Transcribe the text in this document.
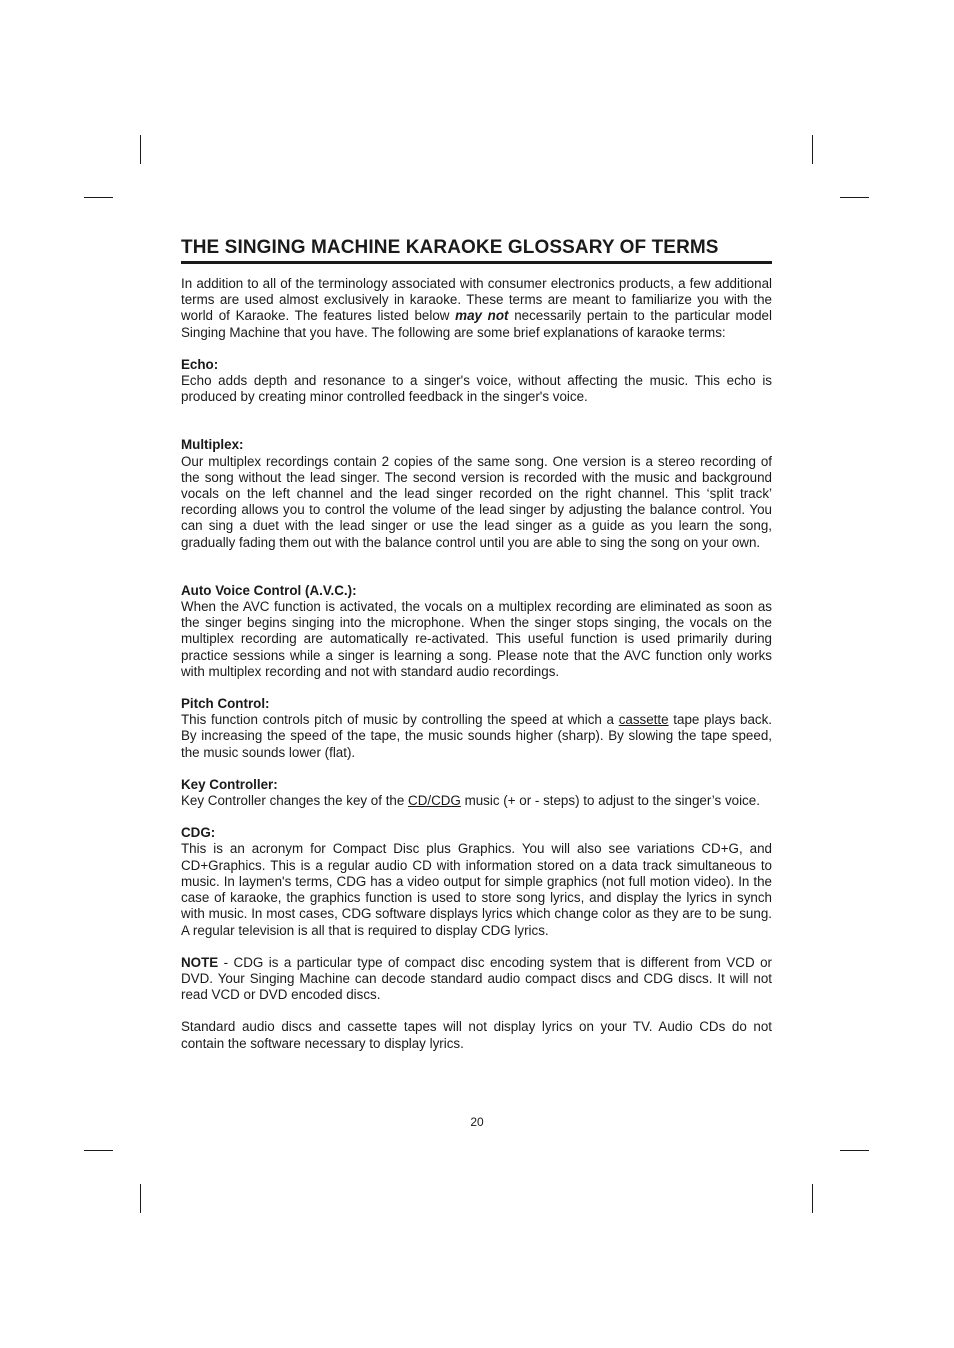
THE SINGING MACHINE KARAOKE GLOSSARY OF TERMS

In addition to all of the terminology associated with consumer electronics products, a few additional terms are used almost exclusively in karaoke. These terms are meant to familiarize you with the world of Karaoke. The features listed below may not necessarily pertain to the particular model Singing Machine that you have. The following are some brief explanations of karaoke terms:

Echo:

Echo adds depth and resonance to a singer's voice, without affecting the music. This echo is produced by creating minor controlled feedback in the singer's voice.

Multiplex:

Our multiplex recordings contain 2 copies of the same song. One version is a stereo recording of the song without the lead singer. The second version is recorded with the music and background vocals on the left channel and the lead singer recorded on the right channel. This ‘split track’ recording allows you to control the volume of the lead singer by adjusting the balance control. You can sing a duet with the lead singer or use the lead singer as a guide as you learn the song, gradually fading them out with the balance control until you are able to sing the song on your own.

Auto Voice Control (A.V.C.):

When the AVC function is activated, the vocals on a multiplex recording are eliminated as soon as the singer begins singing into the microphone. When the singer stops singing, the vocals on the multiplex recording are automatically re-activated. This useful function is used primarily during practice sessions while a singer is learning a song. Please note that the AVC function only works with multiplex recording and not with standard audio recordings.

Pitch Control:

This function controls pitch of music by controlling the speed at which a cassette tape plays back. By increasing the speed of the tape, the music sounds higher (sharp). By slowing the tape speed, the music sounds lower (flat).

Key Controller:

Key Controller changes the key of the CD/CDG music (+ or - steps) to adjust to the singer’s voice.

CDG:

This is an acronym for Compact Disc plus Graphics. You will also see variations CD+G, and CD+Graphics. This is a regular audio CD with information stored on a data track simultaneous to music. In laymen's terms, CDG has a video output for simple graphics (not full motion video). In the case of karaoke, the graphics function is used to store song lyrics, and display the lyrics in synch with music. In most cases, CDG software displays lyrics which change color as they are to be sung. A regular television is all that is required to display CDG lyrics.

NOTE - CDG is a particular type of compact disc encoding system that is different from VCD or DVD. Your Singing Machine can decode standard audio compact discs and CDG discs. It will not read VCD or DVD encoded discs.

Standard audio discs and cassette tapes will not display lyrics on your TV. Audio CDs do not contain the software necessary to display lyrics.

20
